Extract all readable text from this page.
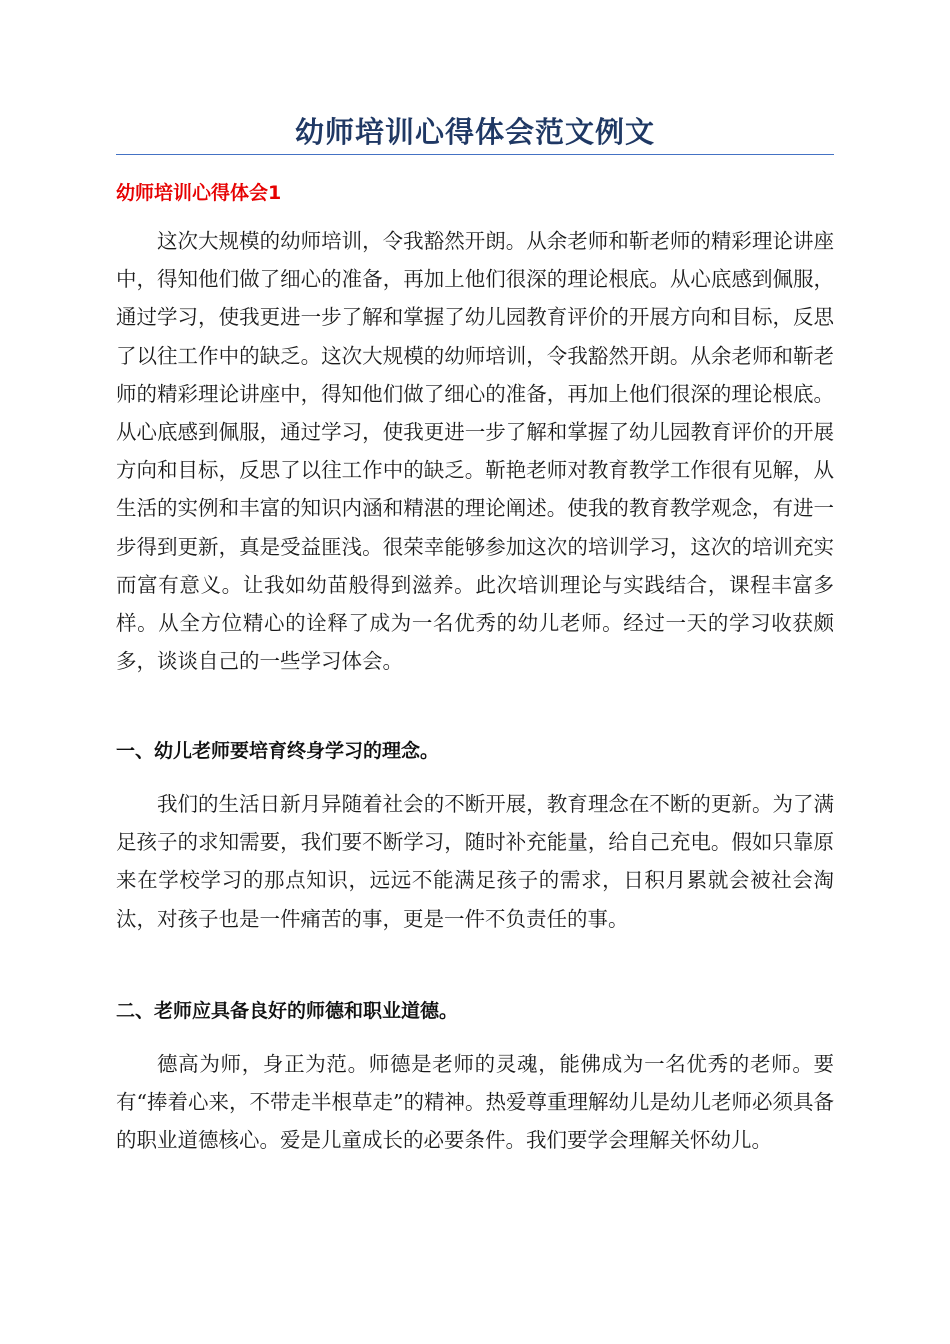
幼师培训心得体会范文例文
幼师培训心得体会1

这次大规模的幼师培训，令我豁然开朗。从余老师和靳老师的精彩理论讲座中，得知他们做了细心的准备，再加上他们很深的理论根底。从心底感到佩服，通过学习，使我更进一步了解和掌握了幼儿园教育评价的开展方向和目标，反思了以往工作中的缺乏。这次大规模的幼师培训，令我豁然开朗。从余老师和靳老师的精彩理论讲座中，得知他们做了细心的准备，再加上他们很深的理论根底。从心底感到佩服，通过学习，使我更进一步了解和掌握了幼儿园教育评价的开展方向和目标，反思了以往工作中的缺乏。靳艳老师对教育教学工作很有见解，从生活的实例和丰富的知识内涵和精湛的理论阐述。使我的教育教学观念，有进一步得到更新，真是受益匪浅。很荣幸能够参加这次的培训学习，这次的培训充实而富有意义。让我如幼苗般得到滋养。此次培训理论与实践结合，课程丰富多样。从全方位精心的诠释了成为一名优秀的幼儿老师。经过一天的学习收获颇多，谈谈自己的一些学习体会。

一、幼儿老师要培育终身学习的理念。

我们的生活日新月异随着社会的不断开展，教育理念在不断的更新。为了满足孩子的求知需要，我们要不断学习，随时补充能量，给自己充电。假如只靠原来在学校学习的那点知识，远远不能满足孩子的需求，日积月累就会被社会淘汰，对孩子也是一件痛苦的事，更是一件不负责任的事。

二、老师应具备良好的师德和职业道德。

德高为师，身正为范。师德是老师的灵魂，能佛成为一名优秀的老师。要有“捧着心来，不带走半根草走”的精神。热爱尊重理解幼儿是幼儿老师必须具备的职业道德核心。爱是儿童成长的必要条件。我们要学会理解关怀幼儿。
